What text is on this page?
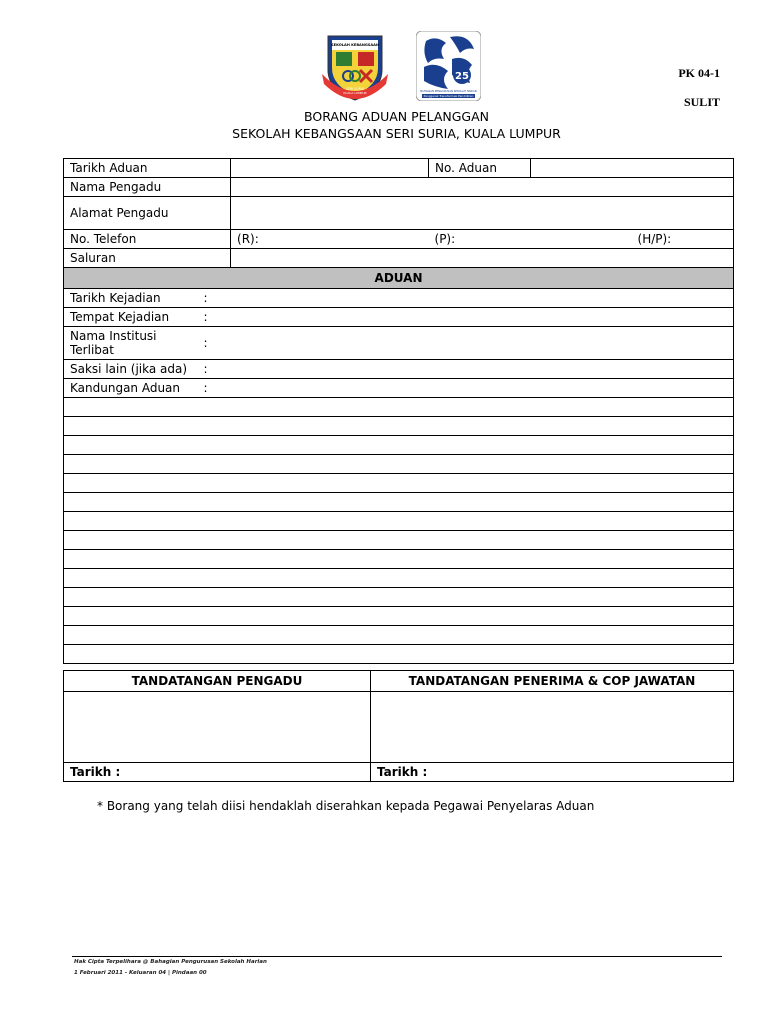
SEKOLAH KEBANGSAAN
SERI SURIA
KUALA LUMPUR
25
BAHAGIAN PENGURUSAN SEKOLAH HARIAN
Penggerak Transformasi Pendidikan
PK 04-1
SULIT
BORANG ADUAN PELANGGAN
SEKOLAH KEBANGSAAN SERI SURIA, KUALA LUMPUR
Tarikh Aduan			No. Aduan		
Nama Pengadu					
Alamat Pengadu					
No. Telefon		(R):	(P):		(H/P):
Saluran					
ADUAN					
Tarikh Kejadian	:				
Tempat Kejadian	:				
Nama Institusi
Terlibat	:				
Saksi lain (jika ada)	:				
Kandungan Aduan	:				

TANDATANGAN PENGADU	TANDATANGAN PENERIMA & COP JAWATAN

Tarikh :	Tarikh :
* Borang yang telah diisi hendaklah diserahkan kepada Pegawai Penyelaras Aduan
Hak Cipta Terpelihara @ Bahagian Pengurusan Sekolah Harian
1 Februari 2011 - Keluaran 04 | Pindaan 00
